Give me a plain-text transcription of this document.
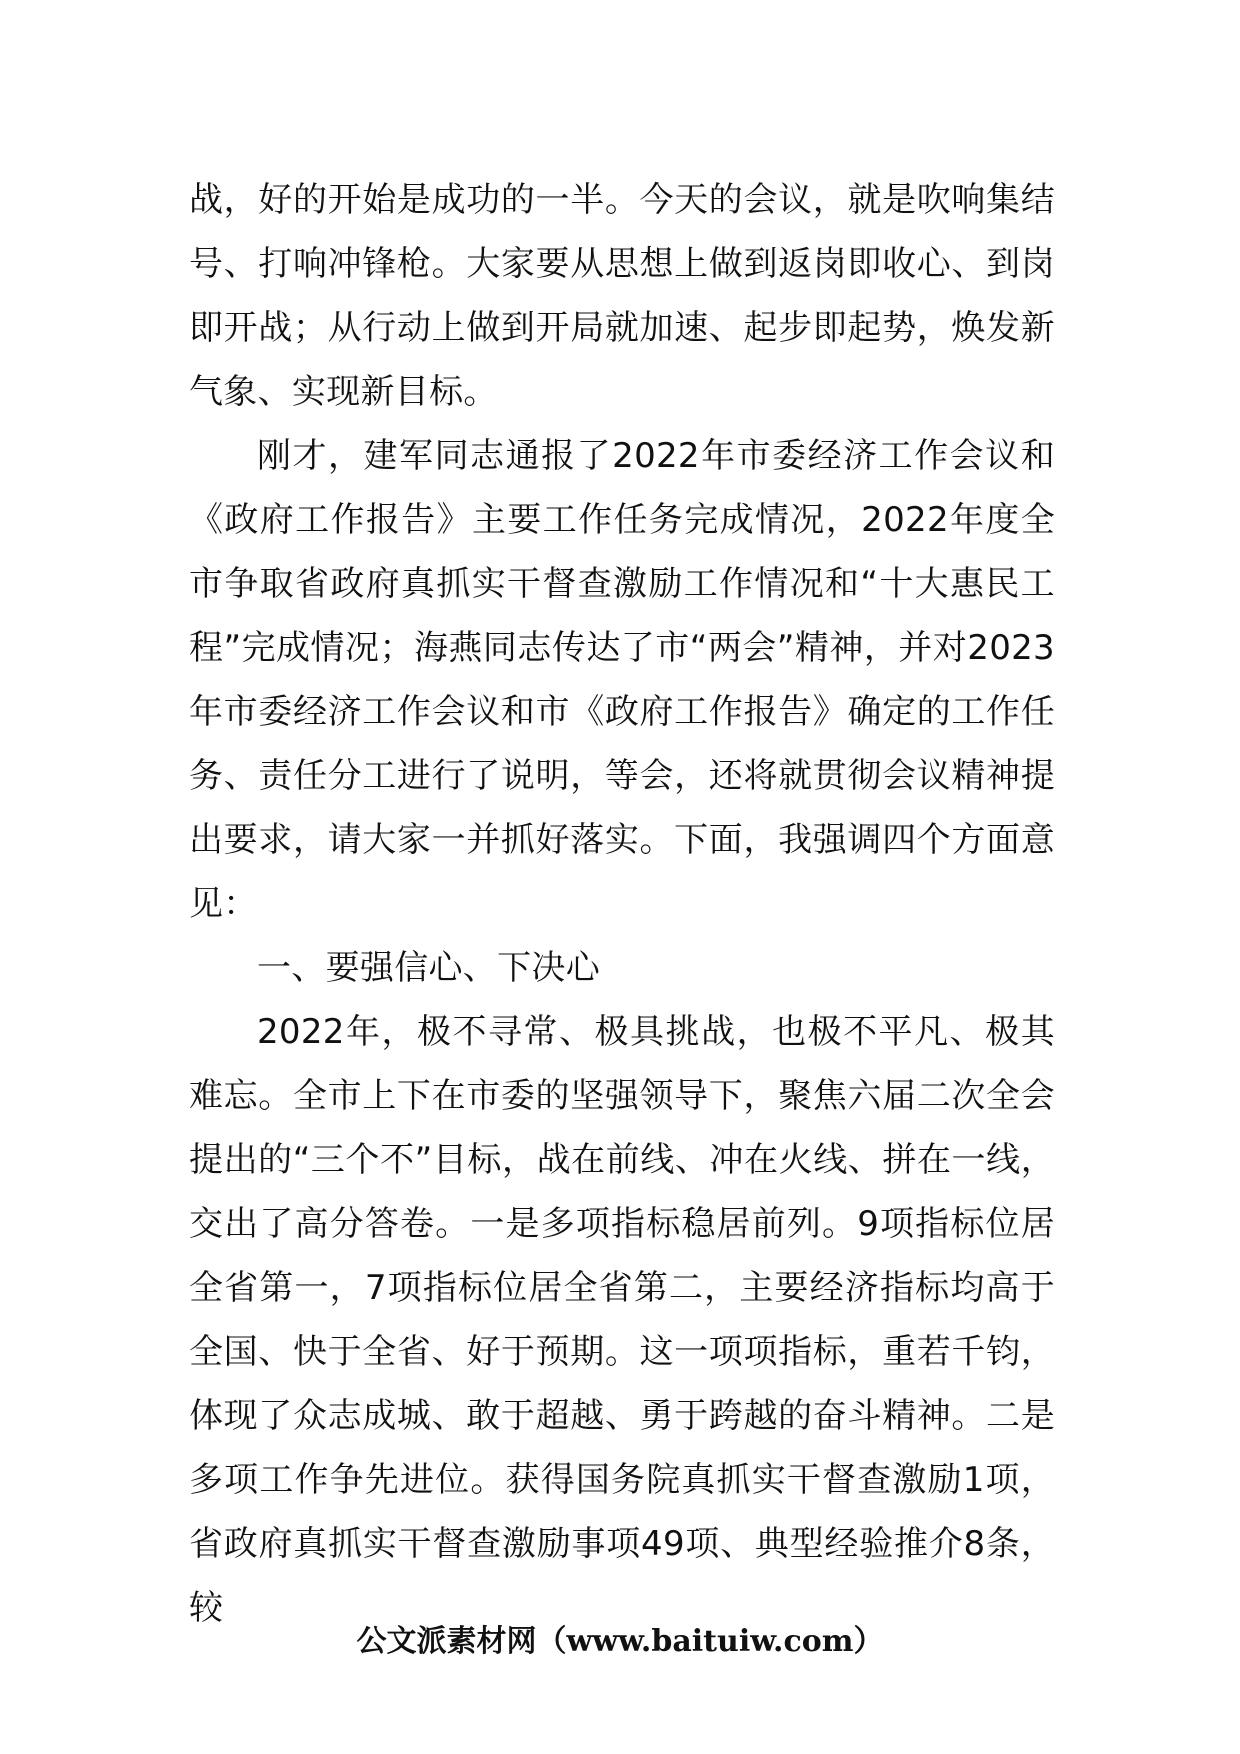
战，好的开始是成功的一半。今天的会议，就是吹响集结号、打响冲锋枪。大家要从思想上做到返岗即收心、到岗即开战；从行动上做到开局就加速、起步即起势，焕发新气象、实现新目标。

刚才，建军同志通报了2022年市委经济工作会议和《政府工作报告》主要工作任务完成情况，2022年度全市争取省政府真抓实干督查激励工作情况和“十大惠民工程”完成情况；海燕同志传达了市“两会”精神，并对2023年市委经济工作会议和市《政府工作报告》确定的工作任务、责任分工进行了说明，等会，还将就贯彻会议精神提出要求，请大家一并抓好落实。下面，我强调四个方面意见：

一、要强信心、下决心

2022年，极不寻常、极具挑战，也极不平凡、极其难忘。全市上下在市委的坚强领导下，聚焦六届二次全会提出的“三个不”目标，战在前线、冲在火线、拼在一线，交出了高分答卷。一是多项指标稳居前列。9项指标位居全省第一，7项指标位居全省第二，主要经济指标均高于全国、快于全省、好于预期。这一项项指标，重若千钧，体现了众志成城、敢于超越、勇于跨越的奋斗精神。二是多项工作争先进位。获得国务院真抓实干督查激励1项，省政府真抓实干督查激励事项49项、典型经验推介8条，较

公文派素材网（www.baituiw.com）
